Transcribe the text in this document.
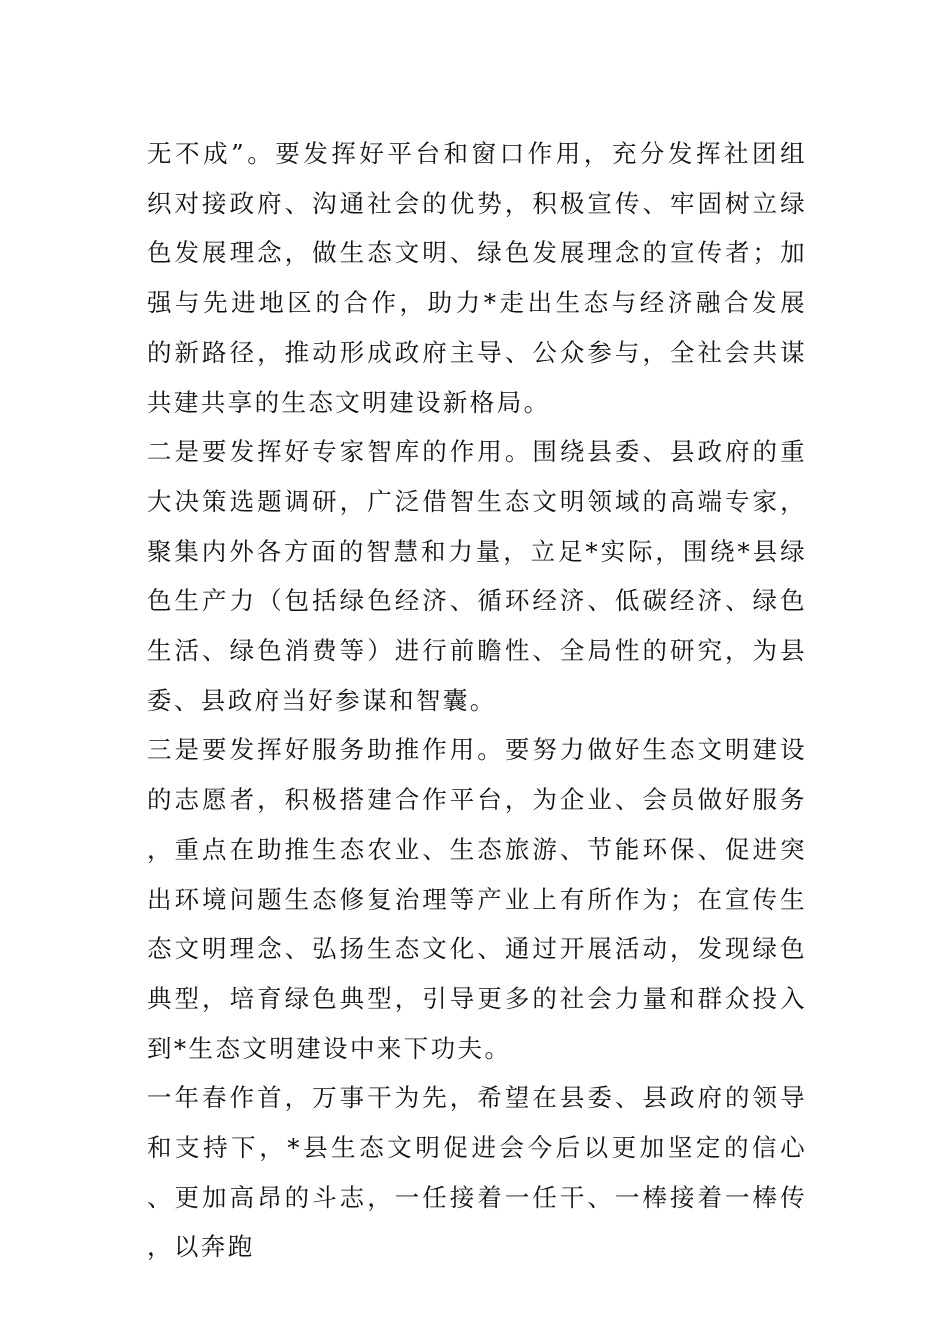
无不成”。要发挥好平台和窗口作用，充分发挥社团组织对接政府、沟通社会的优势，积极宣传、牢固树立绿色发展理念，做生态文明、绿色发展理念的宣传者；加强与先进地区的合作，助力*走出生态与经济融合发展的新路径，推动形成政府主导、公众参与，全社会共谋共建共享的生态文明建设新格局。

二是要发挥好专家智库的作用。围绕县委、县政府的重大决策选题调研，广泛借智生态文明领域的高端专家，聚集内外各方面的智慧和力量，立足*实际，围绕*县绿色生产力（包括绿色经济、循环经济、低碳经济、绿色生活、绿色消费等）进行前瞻性、全局性的研究，为县委、县政府当好参谋和智囊。

三是要发挥好服务助推作用。要努力做好生态文明建设的志愿者，积极搭建合作平台，为企业、会员做好服务，重点在助推生态农业、生态旅游、节能环保、促进突出环境问题生态修复治理等产业上有所作为；在宣传生态文明理念、弘扬生态文化、通过开展活动，发现绿色典型，培育绿色典型，引导更多的社会力量和群众投入到*生态文明建设中来下功夫。

一年春作首，万事干为先，希望在县委、县政府的领导和支持下，*县生态文明促进会今后以更加坚定的信心、更加高昂的斗志，一任接着一任干、一棒接着一棒传，以奔跑
